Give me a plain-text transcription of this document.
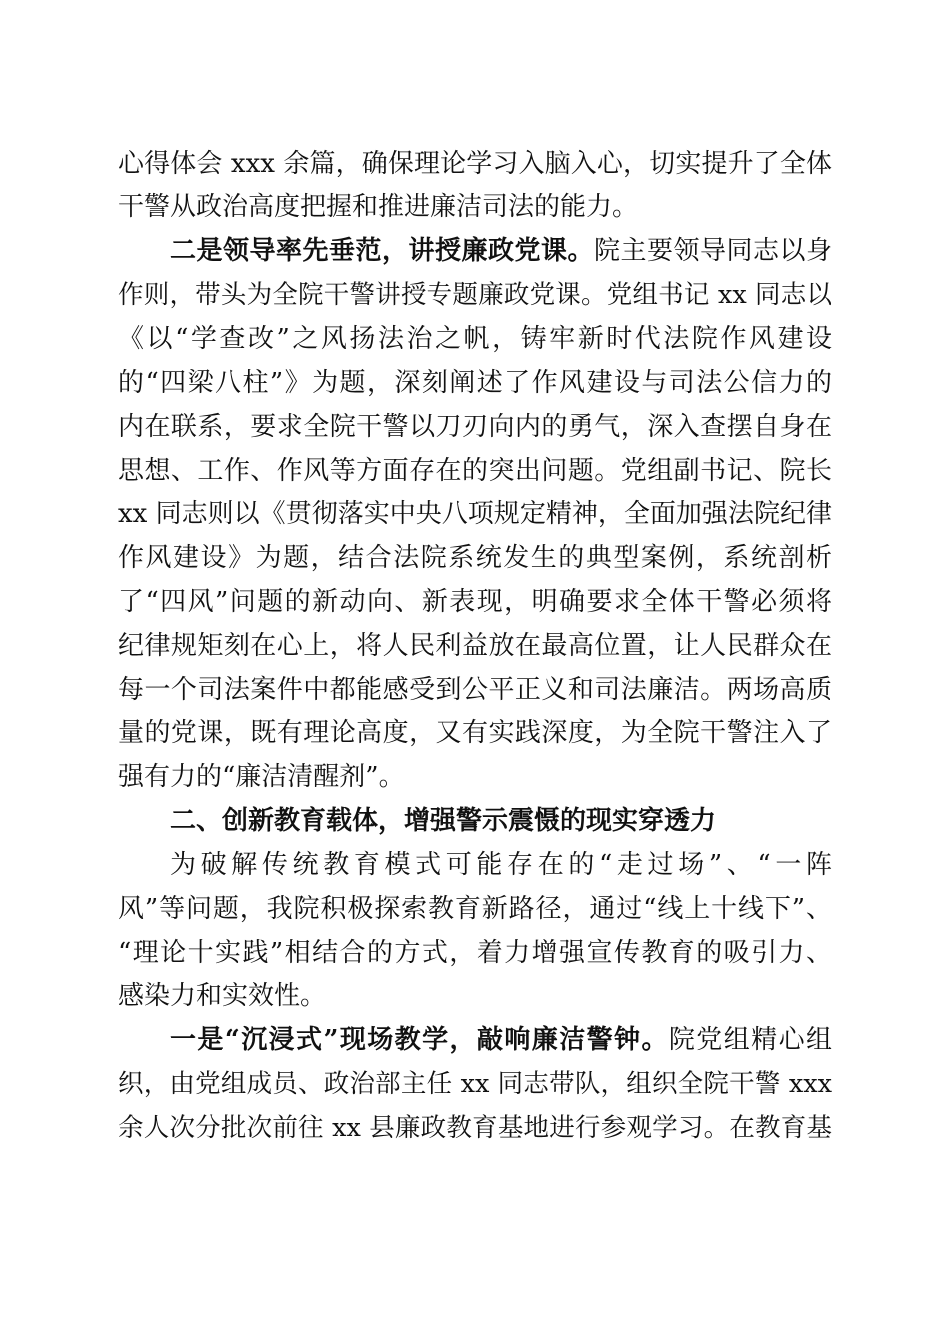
心得体会 xxx 余篇，确保理论学习入脑入心，切实提升了全体
干警从政治高度把握和推进廉洁司法的能力。
二是领导率先垂范，讲授廉政党课。院主要领导同志以身
作则，带头为全院干警讲授专题廉政党课。党组书记 xx 同志以
《以“学查改”之风扬法治之帆，铸牢新时代法院作风建设
的“四梁八柱”》为题，深刻阐述了作风建设与司法公信力的
内在联系，要求全院干警以刀刃向内的勇气，深入查摆自身在
思想、工作、作风等方面存在的突出问题。党组副书记、院长
xx 同志则以《贯彻落实中央八项规定精神，全面加强法院纪律
作风建设》为题，结合法院系统发生的典型案例，系统剖析
了“四风”问题的新动向、新表现，明确要求全体干警必须将
纪律规矩刻在心上，将人民利益放在最高位置，让人民群众在
每一个司法案件中都能感受到公平正义和司法廉洁。两场高质
量的党课，既有理论高度，又有实践深度，为全院干警注入了
强有力的“廉洁清醒剂”。
二、创新教育载体，增强警示震慑的现实穿透力
为破解传统教育模式可能存在的“走过场”、“一阵
风”等问题，我院积极探索教育新路径，通过“线上十线下”、
“理论十实践”相结合的方式，着力增强宣传教育的吸引力、
感染力和实效性。
一是“沉浸式”现场教学，敲响廉洁警钟。院党组精心组
织，由党组成员、政治部主任 xx 同志带队，组织全院干警 xxx
余人次分批次前往 xx 县廉政教育基地进行参观学习。在教育基
